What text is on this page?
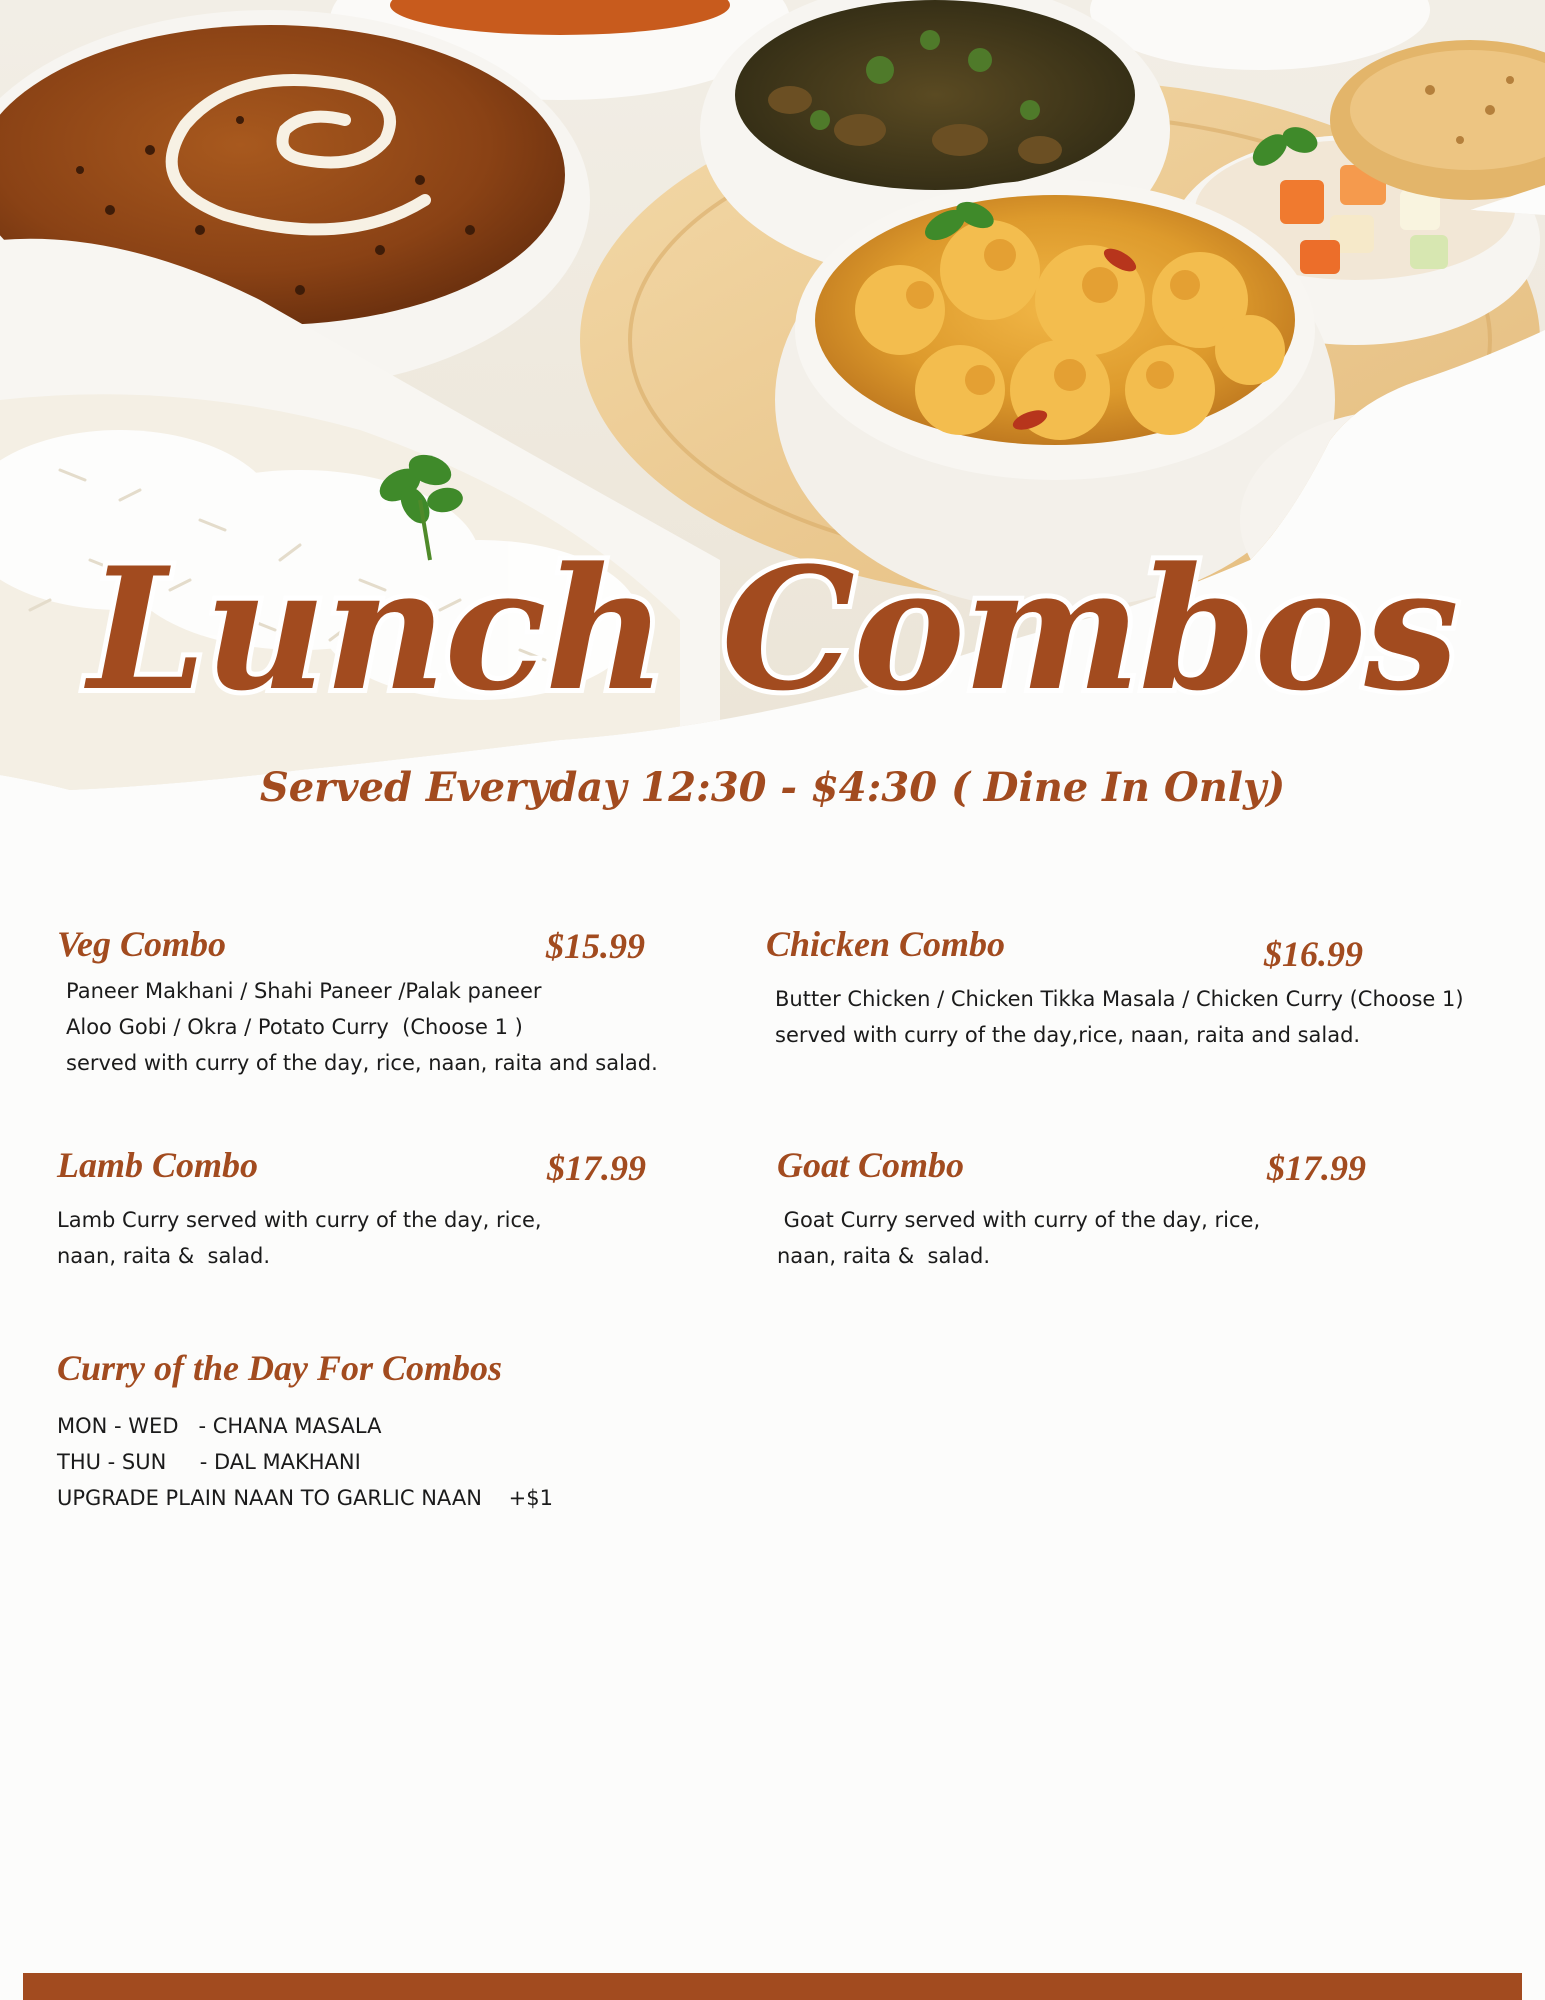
Lunch Combos
Served Everyday 12:30 - $4:30 ( Dine In Only)
Veg Combo	$15.99
Paneer Makhani / Shahi Paneer /Palak paneer
Aloo Gobi / Okra / Potato Curry  (Choose 1 )
served with curry of the day, rice, naan, raita and salad.
Chicken Combo	$16.99
Butter Chicken / Chicken Tikka Masala / Chicken Curry (Choose 1)
served with curry of the day,rice, naan, raita and salad.
Lamb Combo	$17.99
Lamb Curry served with curry of the day, rice,
naan, raita &  salad.
Goat Combo	$17.99
Goat Curry served with curry of the day, rice,
naan, raita &  salad.
Curry of the Day For Combos
MON - WED   - CHANA MASALA
THU - SUN     - DAL MAKHANI
UPGRADE PLAIN NAAN TO GARLIC NAAN    +$1
